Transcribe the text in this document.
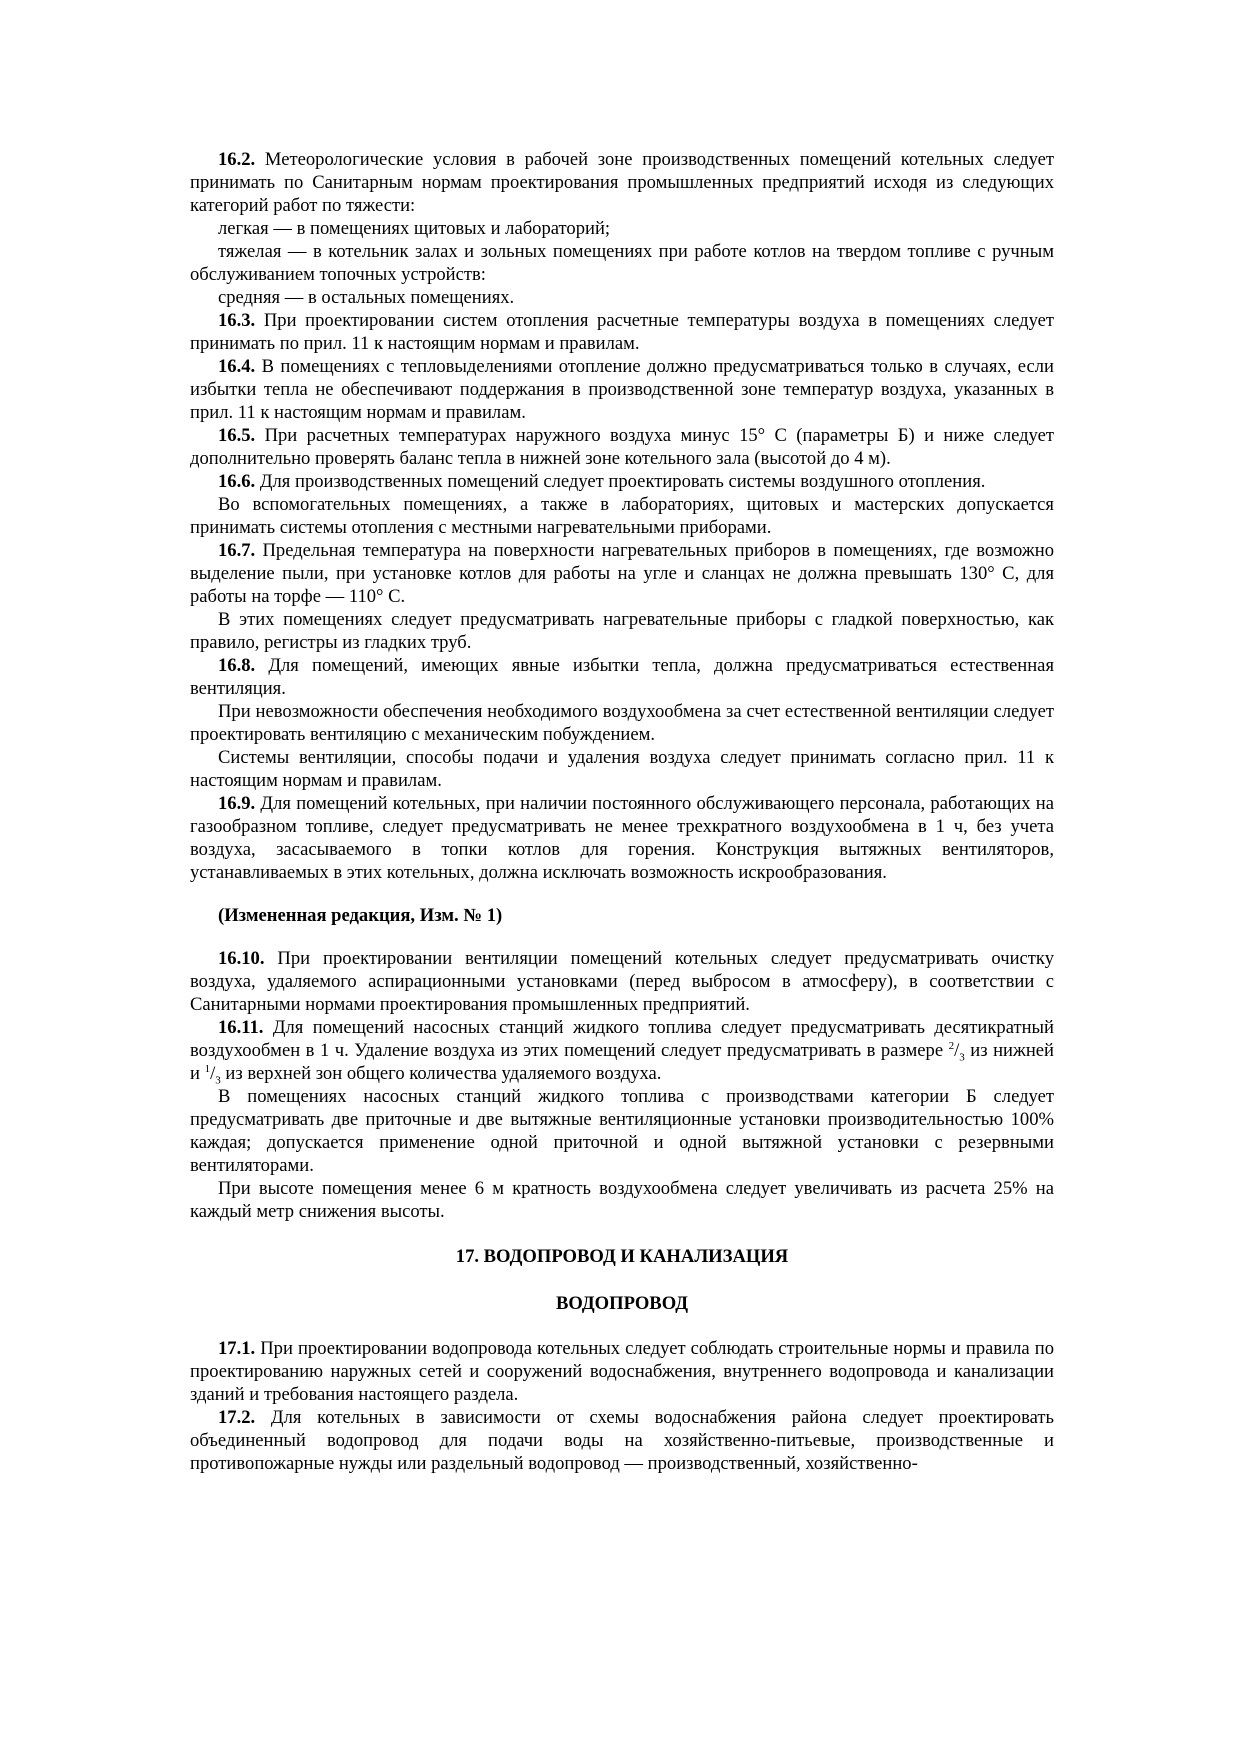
16.2. Метеорологические условия в рабочей зоне производственных помещений котельных следует принимать по Санитарным нормам проектирования промышленных предприятий исходя из следующих категорий работ по тяжести:

легкая — в помещениях щитовых и лабораторий;

тяжелая — в котельник залах и зольных помещениях при работе котлов на твердом топливе с ручным обслуживанием топочных устройств:

средняя — в остальных помещениях.

16.3. При проектировании систем отопления расчетные температуры воздуха в помещениях следует принимать по прил. 11 к настоящим нормам и правилам.

16.4. В помещениях с тепловыделениями отопление должно предусматриваться только в случаях, если избытки тепла не обеспечивают поддержания в производственной зоне температур воздуха, указанных в прил. 11 к настоящим нормам и правилам.

16.5. При расчетных температурах наружного воздуха минус 15° С (параметры Б) и ниже следует дополнительно проверять баланс тепла в нижней зоне котельного зала (высотой до 4 м).

16.6. Для производственных помещений следует проектировать системы воздушного отопления.

Во вспомогательных помещениях, а также в лабораториях, щитовых и мастерских допускается принимать системы отопления с местными нагревательными приборами.

16.7. Предельная температура на поверхности нагревательных приборов в помещениях, где возможно выделение пыли, при установке котлов для работы на угле и сланцах не должна превышать 130° С, для работы на торфе — 110° С.

В этих помещениях следует предусматривать нагревательные приборы с гладкой поверхностью, как правило, регистры из гладких труб.

16.8. Для помещений, имеющих явные избытки тепла, должна предусматриваться естественная вентиляция.

При невозможности обеспечения необходимого воздухообмена за счет естественной вентиляции следует проектировать вентиляцию с механическим побуждением.

Системы вентиляции, способы подачи и удаления воздуха следует принимать согласно прил. 11 к настоящим нормам и правилам.

16.9. Для помещений котельных, при наличии постоянного обслуживающего персонала, работающих на газообразном топливе, следует предусматривать не менее трехкратного воздухообмена в 1 ч, без учета воздуха, засасываемого в топки котлов для горения. Конструкция вытяжных вентиляторов, устанавливаемых в этих котельных, должна исключать возможность искрообразования.

(Измененная редакция, Изм. № 1)

16.10. При проектировании вентиляции помещений котельных следует предусматривать очистку воздуха, удаляемого аспирационными установками (перед выбросом в атмосферу), в соответствии с Санитарными нормами проектирования промышленных предприятий.

16.11. Для помещений насосных станций жидкого топлива следует предусматривать десятикратный воздухообмен в 1 ч. Удаление воздуха из этих помещений следует предусматривать в размере $^2/_3$ из нижней и $^1/_3$ из верхней зон общего количества удаляемого воздуха.

В помещениях насосных станций жидкого топлива с производствами категории Б следует предусматривать две приточные и две вытяжные вентиляционные установки производительностью 100% каждая; допускается применение одной приточной и одной вытяжной установки с резервными вентиляторами.

При высоте помещения менее 6 м кратность воздухообмена следует увеличивать из расчета 25% на каждый метр снижения высоты.

17. ВОДОПРОВОД И КАНАЛИЗАЦИЯ
ВОДОПРОВОД

17.1. При проектировании водопровода котельных следует соблюдать строительные нормы и правила по проектированию наружных сетей и сооружений водоснабжения, внутреннего водопровода и канализации зданий и требования настоящего раздела.

17.2. Для котельных в зависимости от схемы водоснабжения района следует проектировать объединенный водопровод для подачи воды на хозяйственно-питьевые, производственные и противопожарные нужды или раздельный водопровод — производственный, хозяйственно-
